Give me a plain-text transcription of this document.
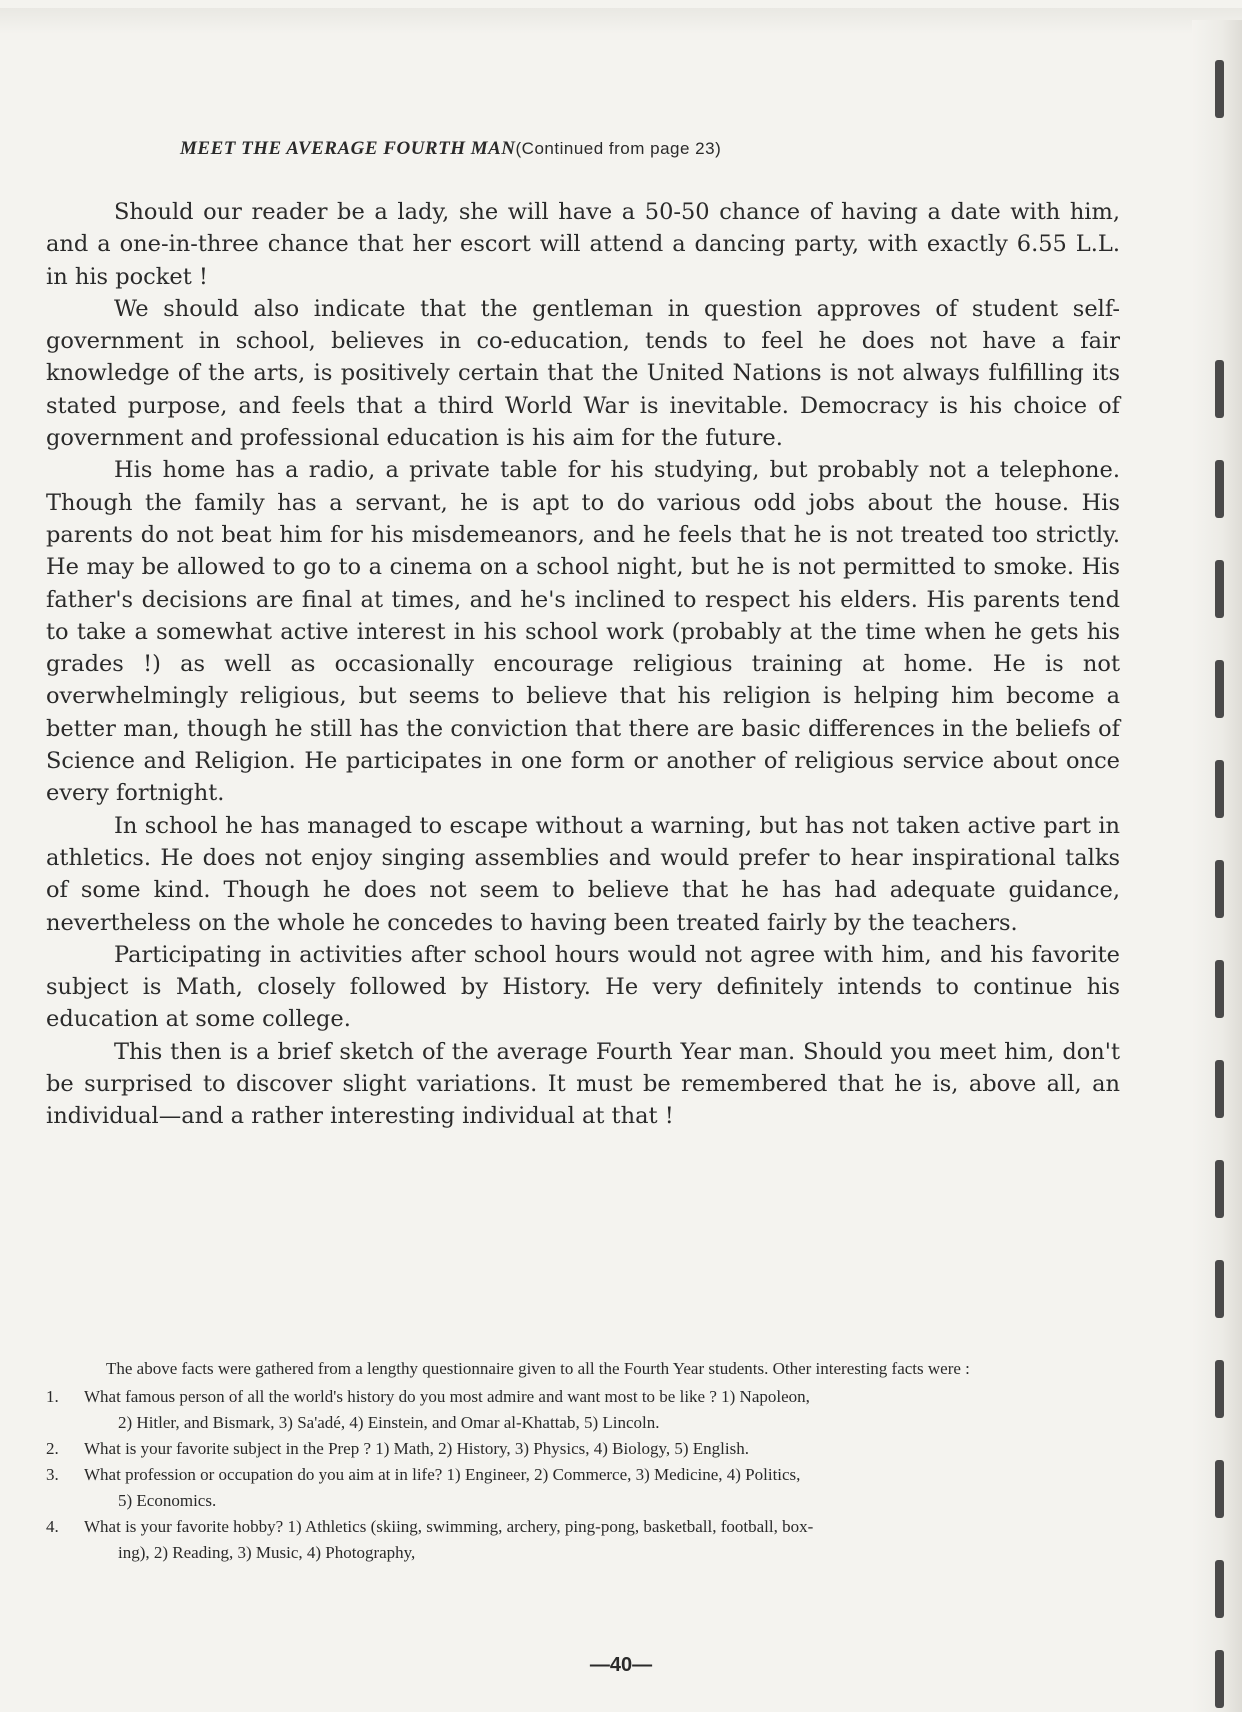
MEET THE AVERAGE FOURTH MAN(Continued from page 23)

Should our reader be a lady, she will have a 50-50 chance of having a date with him, and a one-in-three chance that her escort will attend a dancing party, with exactly 6.55 L.L. in his pocket !

We should also indicate that the gentleman in question approves of student self-government in school, believes in co-education, tends to feel he does not have a fair knowledge of the arts, is positively certain that the United Nations is not always fulfilling its stated purpose, and feels that a third World War is inevitable. Democracy is his choice of government and professional education is his aim for the future.

His home has a radio, a private table for his studying, but probably not a telephone. Though the family has a servant, he is apt to do various odd jobs about the house. His parents do not beat him for his misdemeanors, and he feels that he is not treated too strictly. He may be allowed to go to a cinema on a school night, but he is not permitted to smoke. His father's decisions are final at times, and he's inclined to respect his elders. His parents tend to take a somewhat active interest in his school work (probably at the time when he gets his grades !) as well as occasionally encourage religious training at home. He is not overwhelmingly religious, but seems to believe that his religion is helping him become a better man, though he still has the conviction that there are basic differences in the beliefs of Science and Religion. He participates in one form or another of religious service about once every fortnight.

In school he has managed to escape without a warning, but has not taken active part in athletics. He does not enjoy singing assemblies and would prefer to hear inspirational talks of some kind. Though he does not seem to believe that he has had adequate guidance, nevertheless on the whole he concedes to having been treated fairly by the teachers.

Participating in activities after school hours would not agree with him, and his favorite subject is Math, closely followed by History. He very definitely intends to continue his education at some college.

This then is a brief sketch of the average Fourth Year man. Should you meet him, don't be surprised to discover slight variations. It must be remembered that he is, above all, an individual—and a rather interesting individual at that !

The above facts were gathered from a lengthy questionnaire given to all the Fourth Year students. Other interesting facts were :

1. What famous person of all the world's history do you most admire and want most to be like ? 1) Napoleon,
2) Hitler, and Bismark, 3) Sa'adé, 4) Einstein, and Omar al-Khattab, 5) Lincoln.
2. What is your favorite subject in the Prep ? 1) Math, 2) History, 3) Physics, 4) Biology, 5) English.
3. What profession or occupation do you aim at in life? 1) Engineer, 2) Commerce, 3) Medicine, 4) Politics,
5) Economics.
4. What is your favorite hobby? 1) Athletics (skiing, swimming, archery, ping-pong, basketball, football, box-
ing), 2) Reading, 3) Music, 4) Photography,
—40—
